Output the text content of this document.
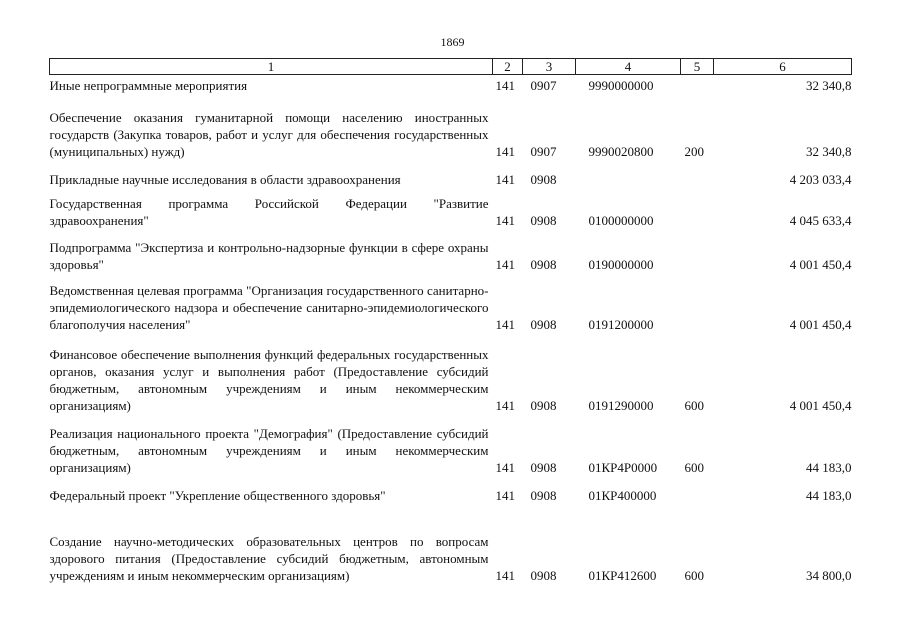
1869
1	2	3	4	5	6
Иные непрограммные мероприятия	141	0907	9990000000		32 340,8
Обеспечение оказания гуманитарной помощи населению иностранных государств (Закупка товаров, работ и услуг для обеспечения государственных (муниципальных) нужд)	141	0907	9990020800	200	32 340,8
Прикладные научные исследования в области здравоохранения	141	0908			4 203 033,4
Государственная программа Российской Федерации "Развитие здравоохранения"	141	0908	0100000000		4 045 633,4
Подпрограмма "Экспертиза и контрольно-надзорные функции в сфере охраны здоровья"	141	0908	0190000000		4 001 450,4
Ведомственная целевая программа "Организация государственного санитарно-эпидемиологического надзора и обеспечение санитарно-эпидемиологического благополучия населения"	141	0908	0191200000		4 001 450,4
Финансовое обеспечение выполнения функций федеральных государственных органов, оказания услуг и выполнения работ (Предоставление субсидий бюджетным, автономным учреждениям и иным некоммерческим организациям)	141	0908	0191290000	600	4 001 450,4
Реализация национального проекта "Демография" (Предоставление субсидий бюджетным, автономным учреждениям и иным некоммерческим организациям)	141	0908	01КР4Р0000	600	44 183,0
Федеральный проект "Укрепление общественного здоровья"	141	0908	01КР400000		44 183,0
Создание научно-методических образовательных центров по вопросам здорового питания (Предоставление субсидий бюджетным, автономным учреждениям и иным некоммерческим организациям)	141	0908	01КР412600	600	34 800,0
